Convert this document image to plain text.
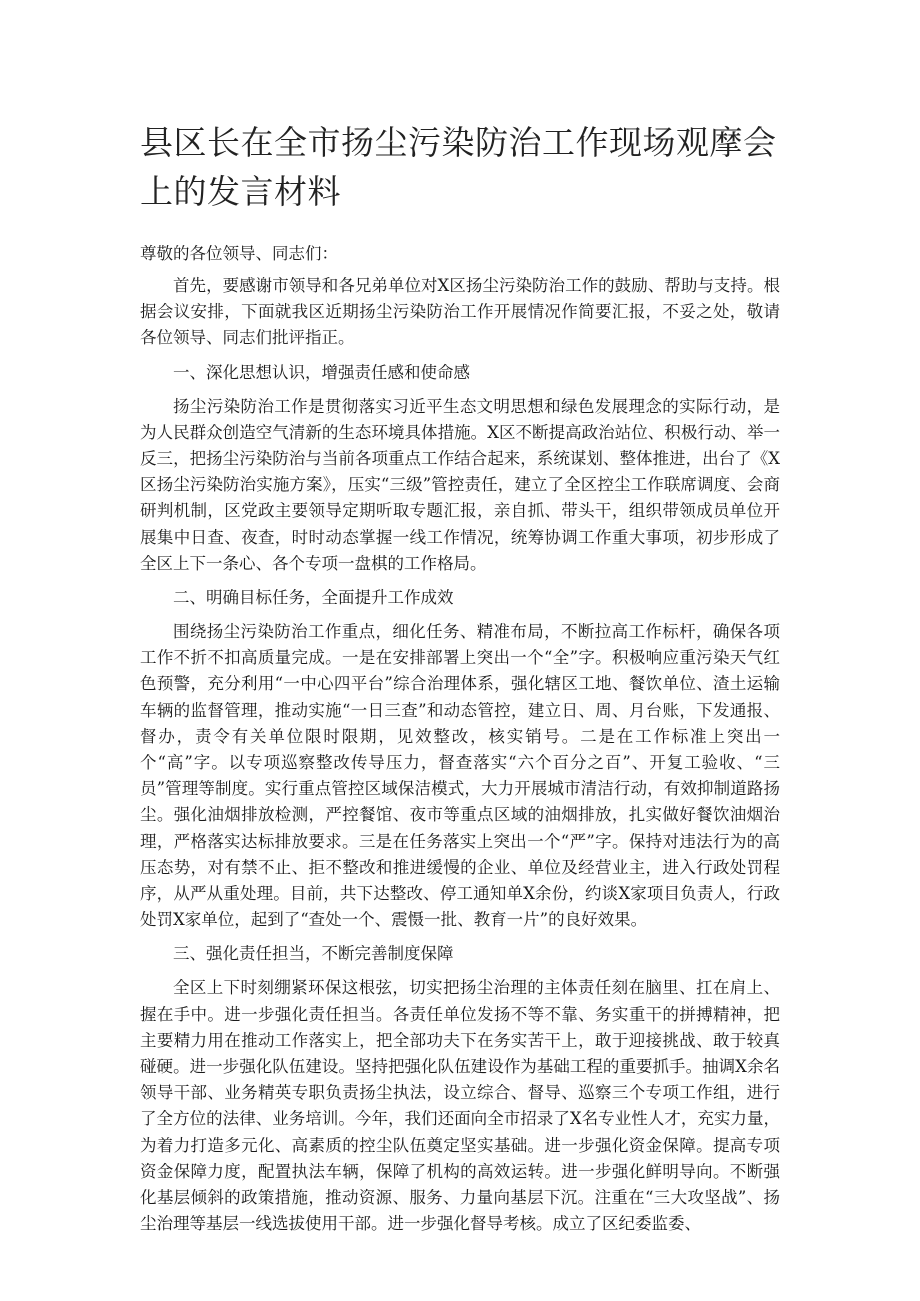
县区长在全市扬尘污染防治工作现场观摩会上的发言材料

尊敬的各位领导、同志们：

首先，要感谢市领导和各兄弟单位对X区扬尘污染防治工作的鼓励、帮助与支持。根据会议安排，下面就我区近期扬尘污染防治工作开展情况作简要汇报，不妥之处，敬请各位领导、同志们批评指正。

一、深化思想认识，增强责任感和使命感

扬尘污染防治工作是贯彻落实习近平生态文明思想和绿色发展理念的实际行动，是为人民群众创造空气清新的生态环境具体措施。X区不断提高政治站位、积极行动、举一反三，把扬尘污染防治与当前各项重点工作结合起来，系统谋划、整体推进，出台了《X区扬尘污染防治实施方案》，压实“三级”管控责任，建立了全区控尘工作联席调度、会商研判机制，区党政主要领导定期听取专题汇报，亲自抓、带头干，组织带领成员单位开展集中日查、夜查，时时动态掌握一线工作情况，统筹协调工作重大事项，初步形成了全区上下一条心、各个专项一盘棋的工作格局。

二、明确目标任务，全面提升工作成效

围绕扬尘污染防治工作重点，细化任务、精准布局，不断拉高工作标杆，确保各项工作不折不扣高质量完成。一是在安排部署上突出一个“全”字。积极响应重污染天气红色预警，充分利用“一中心四平台”综合治理体系，强化辖区工地、餐饮单位、渣土运输车辆的监督管理，推动实施“一日三查”和动态管控，建立日、周、月台账，下发通报、督办，责令有关单位限时限期，见效整改，核实销号。二是在工作标准上突出一个“高”字。以专项巡察整改传导压力，督查落实“六个百分之百”、开复工验收、“三员”管理等制度。实行重点管控区域保洁模式，大力开展城市清洁行动，有效抑制道路扬尘。强化油烟排放检测，严控餐馆、夜市等重点区域的油烟排放，扎实做好餐饮油烟治理，严格落实达标排放要求。三是在任务落实上突出一个“严”字。保持对违法行为的高压态势，对有禁不止、拒不整改和推进缓慢的企业、单位及经营业主，进入行政处罚程序，从严从重处理。目前，共下达整改、停工通知单X余份，约谈X家项目负责人，行政处罚X家单位，起到了“查处一个、震慑一批、教育一片”的良好效果。

三、强化责任担当，不断完善制度保障

全区上下时刻绷紧环保这根弦，切实把扬尘治理的主体责任刻在脑里、扛在肩上、握在手中。进一步强化责任担当。各责任单位发扬不等不靠、务实重干的拼搏精神，把主要精力用在推动工作落实上，把全部功夫下在务实苦干上，敢于迎接挑战、敢于较真碰硬。进一步强化队伍建设。坚持把强化队伍建设作为基础工程的重要抓手。抽调X余名领导干部、业务精英专职负责扬尘执法，设立综合、督导、巡察三个专项工作组，进行了全方位的法律、业务培训。今年，我们还面向全市招录了X名专业性人才，充实力量，为着力打造多元化、高素质的控尘队伍奠定坚实基础。进一步强化资金保障。提高专项资金保障力度，配置执法车辆，保障了机构的高效运转。进一步强化鲜明导向。不断强化基层倾斜的政策措施，推动资源、服务、力量向基层下沉。注重在“三大攻坚战”、扬尘治理等基层一线选拔使用干部。进一步强化督导考核。成立了区纪委监委、
